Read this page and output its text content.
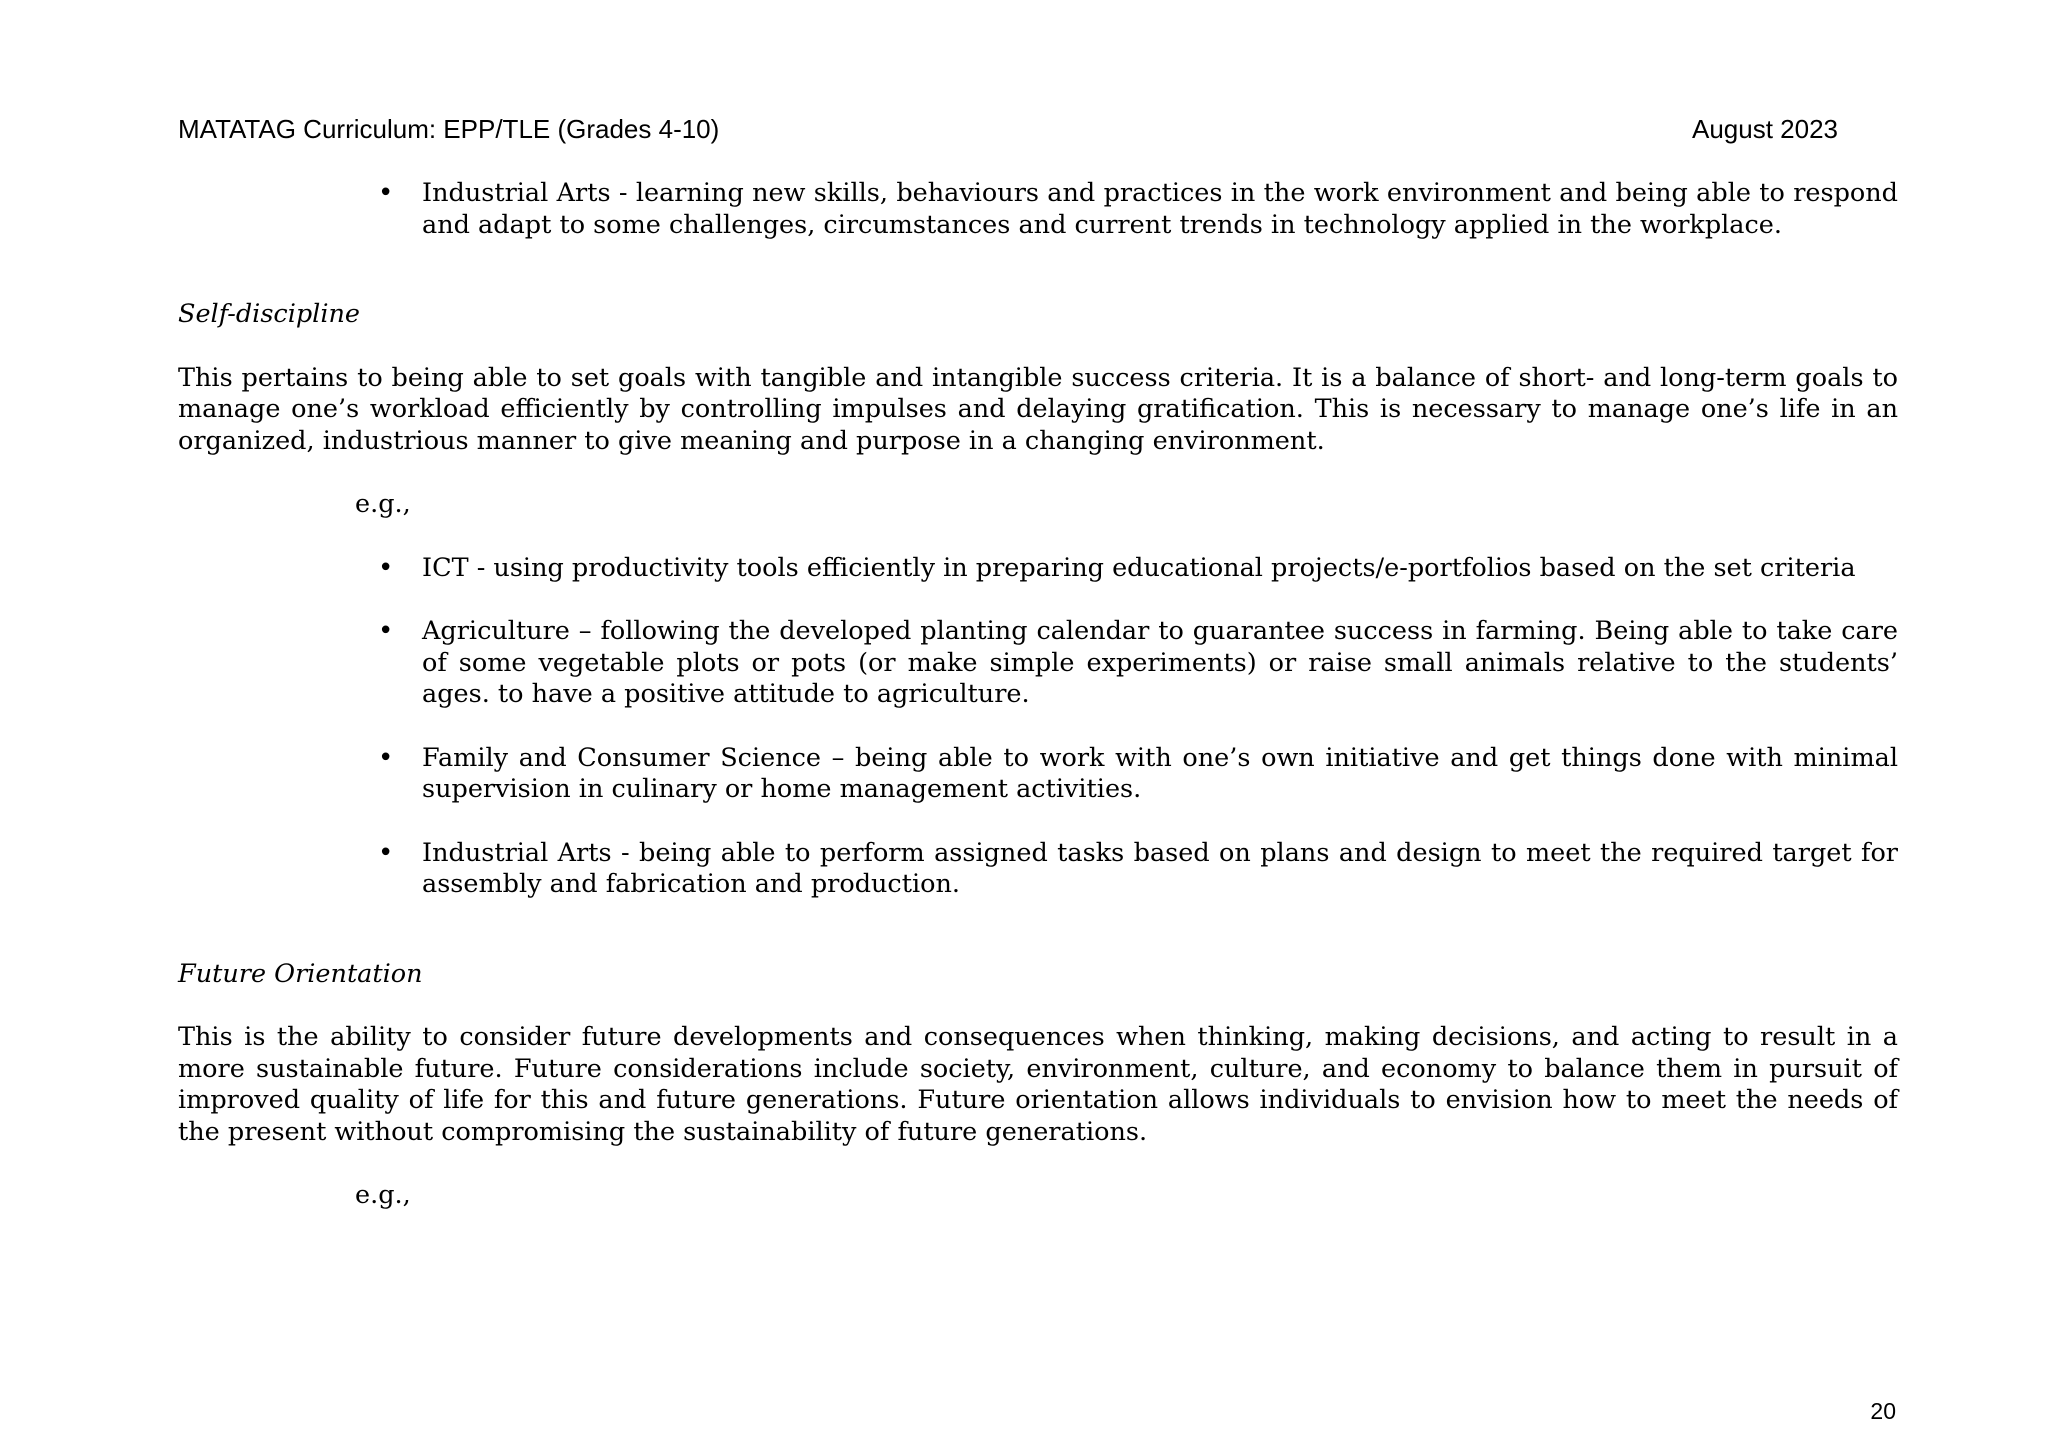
MATATAG Curriculum: EPP/TLE (Grades 4-10)	August 2023
• Industrial Arts - learning new skills, behaviours and practices in the work environment and being able to respond and adapt to some challenges, circumstances and current trends in technology applied in the workplace.
Self-discipline
This pertains to being able to set goals with tangible and intangible success criteria. It is a balance of short- and long-term goals to manage one’s workload efficiently by controlling impulses and delaying gratification. This is necessary to manage one’s life in an organized, industrious manner to give meaning and purpose in a changing environment.
e.g.,
• ICT - using productivity tools efficiently in preparing educational projects/e-portfolios based on the set criteria
• Agriculture – following the developed planting calendar to guarantee success in farming. Being able to take care of some vegetable plots or pots (or make simple experiments) or raise small animals relative to the students’ ages. to have a positive attitude to agriculture.
• Family and Consumer Science – being able to work with one’s own initiative and get things done with minimal supervision in culinary or home management activities.
• Industrial Arts - being able to perform assigned tasks based on plans and design to meet the required target for assembly and fabrication and production.
Future Orientation
This is the ability to consider future developments and consequences when thinking, making decisions, and acting to result in a more sustainable future. Future considerations include society, environment, culture, and economy to balance them in pursuit of improved quality of life for this and future generations. Future orientation allows individuals to envision how to meet the needs of the present without compromising the sustainability of future generations.
e.g.,
20
